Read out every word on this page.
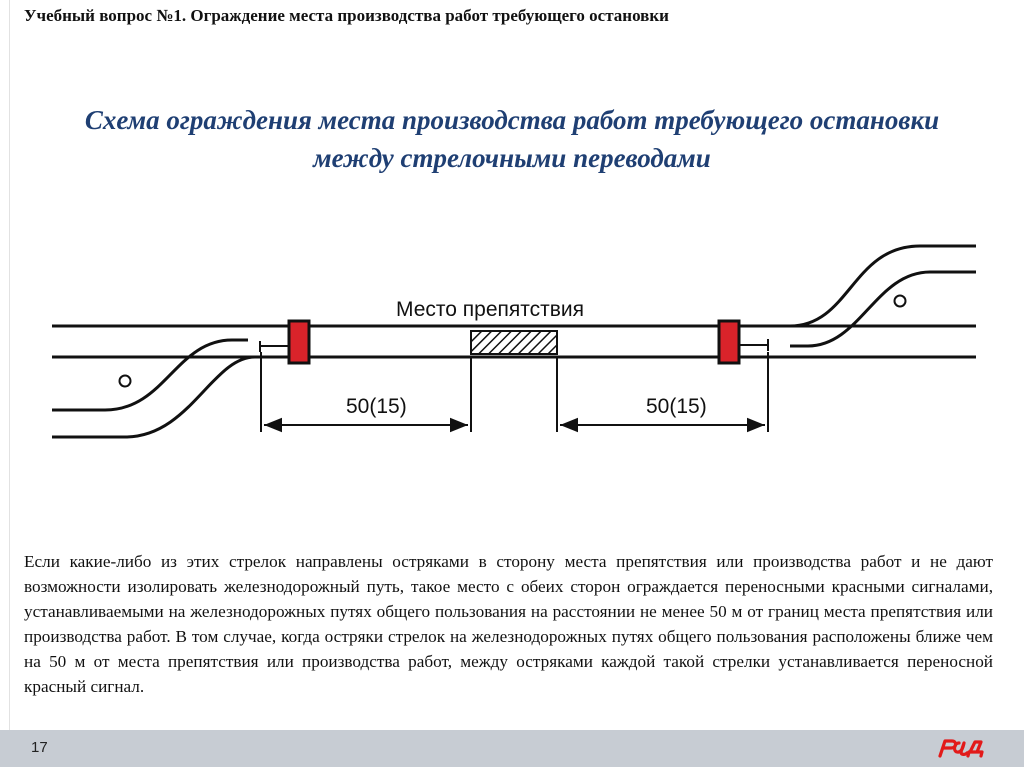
Учебный вопрос №1. Ограждение места производства работ требующего остановки
Схема ограждения места производства работ требующего остановки
между стрелочными переводами
Место препятствия
50(15)	50(15)
Если какие-либо из этих стрелок направлены остряками в сторону места препятствия или производства работ и не дают возможности изолировать железнодорожный путь, такое место с обеих сторон ограждается переносными красными сигналами, устанавливаемыми на железнодорожных путях общего пользования на расстоянии не менее 50 м от границ места препятствия или производства работ. В том случае, когда остряки стрелок на железнодорожных путях общего пользования расположены ближе чем на 50 м от места препятствия или производства работ, между остряками каждой такой стрелки устанавливается переносной красный сигнал.
17
